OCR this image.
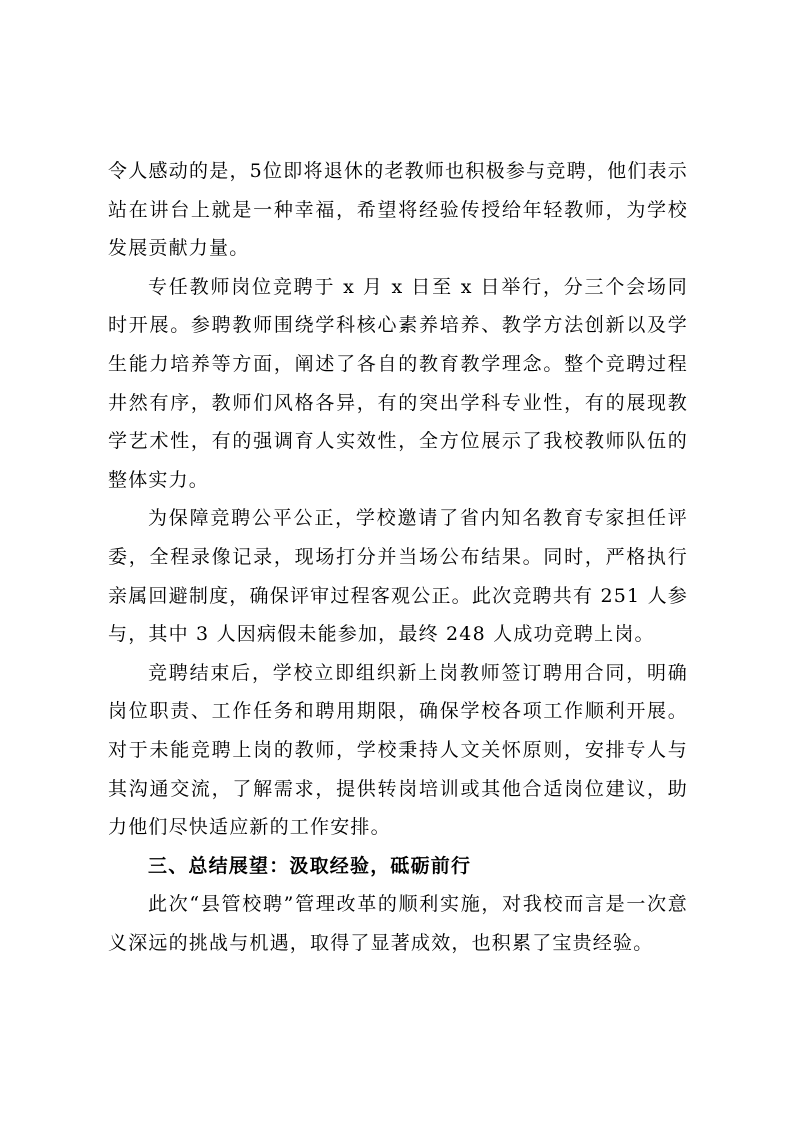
令人感动的是，5位即将退休的老教师也积极参与竞聘，他们表示站在讲台上就是一种幸福，希望将经验传授给年轻教师，为学校发展贡献力量。

专任教师岗位竞聘于 x 月 x 日至 x 日举行，分三个会场同时开展。参聘教师围绕学科核心素养培养、教学方法创新以及学生能力培养等方面，阐述了各自的教育教学理念。整个竞聘过程井然有序，教师们风格各异，有的突出学科专业性，有的展现教学艺术性，有的强调育人实效性，全方位展示了我校教师队伍的整体实力。

为保障竞聘公平公正，学校邀请了省内知名教育专家担任评委，全程录像记录，现场打分并当场公布结果。同时，严格执行亲属回避制度，确保评审过程客观公正。此次竞聘共有 251 人参与，其中 3 人因病假未能参加，最终 248 人成功竞聘上岗。

竞聘结束后，学校立即组织新上岗教师签订聘用合同，明确岗位职责、工作任务和聘用期限，确保学校各项工作顺利开展。对于未能竞聘上岗的教师，学校秉持人文关怀原则，安排专人与其沟通交流，了解需求，提供转岗培训或其他合适岗位建议，助力他们尽快适应新的工作安排。

三、总结展望：汲取经验，砥砺前行

此次“县管校聘”管理改革的顺利实施，对我校而言是一次意义深远的挑战与机遇，取得了显著成效，也积累了宝贵经验。
